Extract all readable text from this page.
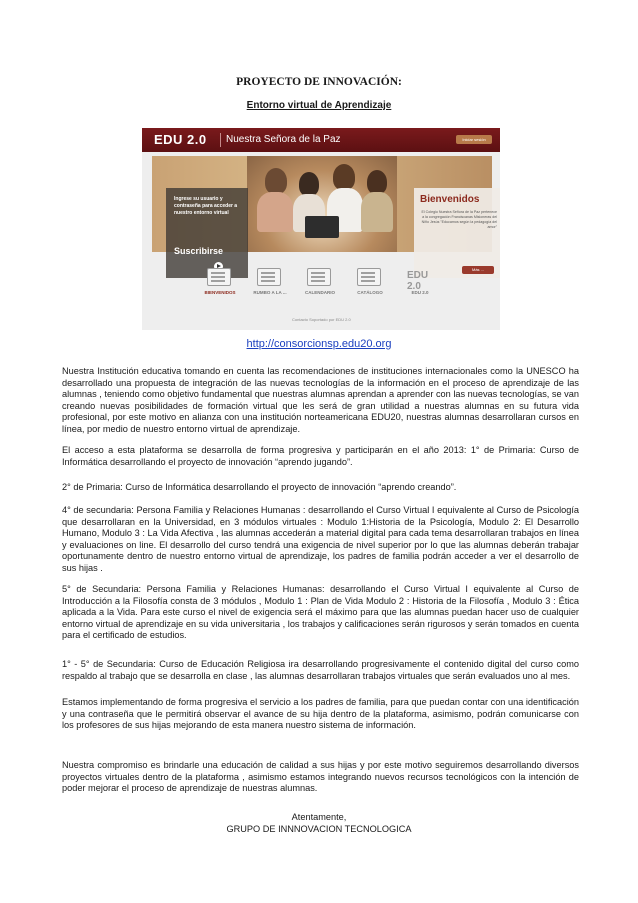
PROYECTO DE INNOVACIÓN:
Entorno virtual de Aprendizaje
EDU 2.0 Nuestra Señora de la Paz	Iniciar sesión
Ingrese su usuario y contraseña para acceder a nuestro entorno virtual
Suscribirse
Bienvenidos
El Colegio Nuestra Señora de la Paz pertenece a la congregación Franciscanas Misioneras del Niño Jesús "Educamos según la pedagogía del amor"
Más ...
BIENVENIDOS	RUMBO A LA ...	CALENDARIO	CATÁLOGO
EDU 2.0
EDU 2.0
Contacto Soportado por EDU 2.0
http://consorcionsp.edu20.org

Nuestra Institución educativa tomando en cuenta las recomendaciones de instituciones internacionales como la UNESCO ha desarrollado una propuesta de integración de las nuevas tecnologías de la información en el proceso de aprendizaje de las alumnas , teniendo como objetivo fundamental que nuestras alumnas aprendan a aprender con las nuevas tecnologías, se van creando nuevas posibilidades de formación virtual que les será de gran utilidad a nuestras alumnas en su futura vida profesional, por este motivo en alianza con una institución norteamericana EDU20, nuestras alumnas desarrollaran cursos en línea, por medio de nuestro entorno virtual de aprendizaje.

El acceso a esta plataforma se desarrolla de forma progresiva y participarán en el año 2013: 1° de Primaria: Curso de Informática desarrollando el proyecto de innovación “aprendo jugando”.

2° de Primaria: Curso de Informática desarrollando el proyecto de innovación “aprendo creando”.

4° de secundaria: Persona Familia y Relaciones Humanas : desarrollando el Curso Virtual I equivalente al Curso de Psicología que desarrollaran en la Universidad, en 3 módulos virtuales : Modulo 1:Historia de la Psicología, Modulo 2: El Desarrollo Humano, Modulo 3 : La Vida Afectiva , las alumnas accederán a material digital para cada tema desarrollaran trabajos en línea y evaluaciones on line. El desarrollo del curso tendrá una exigencia de nivel superior por lo que las alumnas deberán trabajar oportunamente dentro de nuestro entorno virtual de aprendizaje, los padres de familia podrán acceder a ver el desarrollo de sus hijas .

5° de Secundaria: Persona Familia y Relaciones Humanas: desarrollando el Curso Virtual I equivalente al Curso de Introducción a la Filosofía consta de 3 módulos , Modulo 1 : Plan de Vida Modulo 2 : Historia de la Filosofía , Modulo 3 : Ética aplicada a la Vida. Para este curso el nivel de exigencia será el máximo para que las alumnas puedan hacer uso de cualquier entorno virtual de aprendizaje en su vida universitaria , los trabajos y calificaciones serán rigurosos y serán tomados en cuenta para el certificado de estudios.

1° - 5° de Secundaria: Curso de Educación Religiosa ira desarrollando progresivamente el contenido digital del curso como respaldo al trabajo que se desarrolla en clase , las alumnas desarrollaran trabajos virtuales que serán evaluados uno al mes.

Estamos implementando de forma progresiva el servicio a los padres de familia, para que puedan contar con una identificación y una contraseña que le permitirá observar el avance de su hija dentro de la plataforma, asimismo, podrán comunicarse con los profesores de sus hijas mejorando de esta manera nuestro sistema de información.

Nuestra compromiso es brindarle una educación de calidad a sus hijas y por este motivo seguiremos desarrollando diversos proyectos virtuales dentro de la plataforma , asimismo estamos integrando nuevos recursos tecnológicos con la intención de poder mejorar el proceso de aprendizaje de nuestras alumnas.

Atentamente,
GRUPO DE INNNOVACION TECNOLOGICA
